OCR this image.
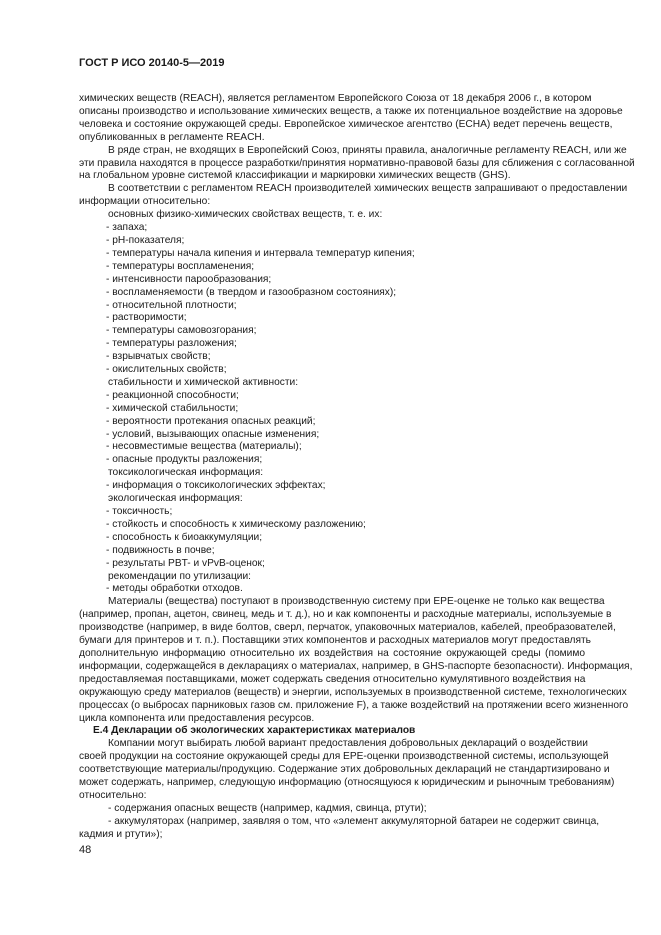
ГОСТ Р ИСО 20140-5—2019
химических веществ (REACH), является регламентом Европейского Союза от 18 декабря 2006 г., в котором
описаны производство и использование химических веществ, а также их потенциальное воздействие на здоровье
человека и состояние окружающей среды. Европейское химическое агентство (ECHA) ведет перечень веществ,
опубликованных в регламенте REACH.
В ряде стран, не входящих в Европейский Союз, приняты правила, аналогичные регламенту REACH, или же
эти правила находятся в процессе разработки/принятия нормативно-правовой базы для сближения с согласованной
на глобальном уровне системой классификации и маркировки химических веществ (GHS).
В соответствии с регламентом REACH производителей химических веществ запрашивают о предоставлении
информации относительно:
основных физико-химических свойствах веществ, т. е. их:
- запаха;
- pH-показателя;
- температуры начала кипения и интервала температур кипения;
- температуры воспламенения;
- интенсивности парообразования;
- воспламеняемости (в твердом и газообразном состояниях);
- относительной плотности;
- растворимости;
- температуры самовозгорания;
- температуры разложения;
- взрывчатых свойств;
- окислительных свойств;
стабильности и химической активности:
- реакционной способности;
- химической стабильности;
- вероятности протекания опасных реакций;
- условий, вызывающих опасные изменения;
- несовместимые вещества (материалы);
- опасные продукты разложения;
токсикологическая информация:
- информация о токсикологических эффектах;
экологическая информация:
- токсичность;
- стойкость и способность к химическому разложению;
- способность к биоаккумуляции;
- подвижность в почве;
- результаты PBT- и vPvB-оценок;
рекомендации по утилизации:
- методы обработки отходов.
Материалы (вещества) поступают в производственную систему при EPE-оценке не только как вещества
(например, пропан, ацетон, свинец, медь и т. д.), но и как компоненты и расходные материалы, используемые в
производстве (например, в виде болтов, сверл, перчаток, упаковочных материалов, кабелей, преобразователей,
бумаги для принтеров и т. п.). Поставщики этих компонентов и расходных материалов могут предоставлять
дополнительную информацию относительно их воздействия на состояние окружающей среды (помимо
информации, содержащейся в декларациях о материалах, например, в GHS-паспорте безопасности). Информация,
предоставляемая поставщиками, может содержать сведения относительно кумулятивного воздействия на
окружающую среду материалов (веществ) и энергии, используемых в производственной системе, технологических
процессах (о выбросах парниковых газов см. приложение F), а также воздействий на протяжении всего жизненного
цикла компонента или предоставления ресурсов.
Е.4 Декларации об экологических характеристиках материалов
Компании могут выбирать любой вариант предоставления добровольных деклараций о воздействии
своей продукции на состояние окружающей среды для EPE-оценки производственной системы, использующей
соответствующие материалы/продукцию. Содержание этих добровольных деклараций не стандартизировано и
может содержать, например, следующую информацию (относящуюся к юридическим и рыночным требованиям)
относительно:
- содержания опасных веществ (например, кадмия, свинца, ртути);
- аккумуляторах (например, заявляя о том, что «элемент аккумуляторной батареи не содержит свинца,
кадмия и ртути»);
48
